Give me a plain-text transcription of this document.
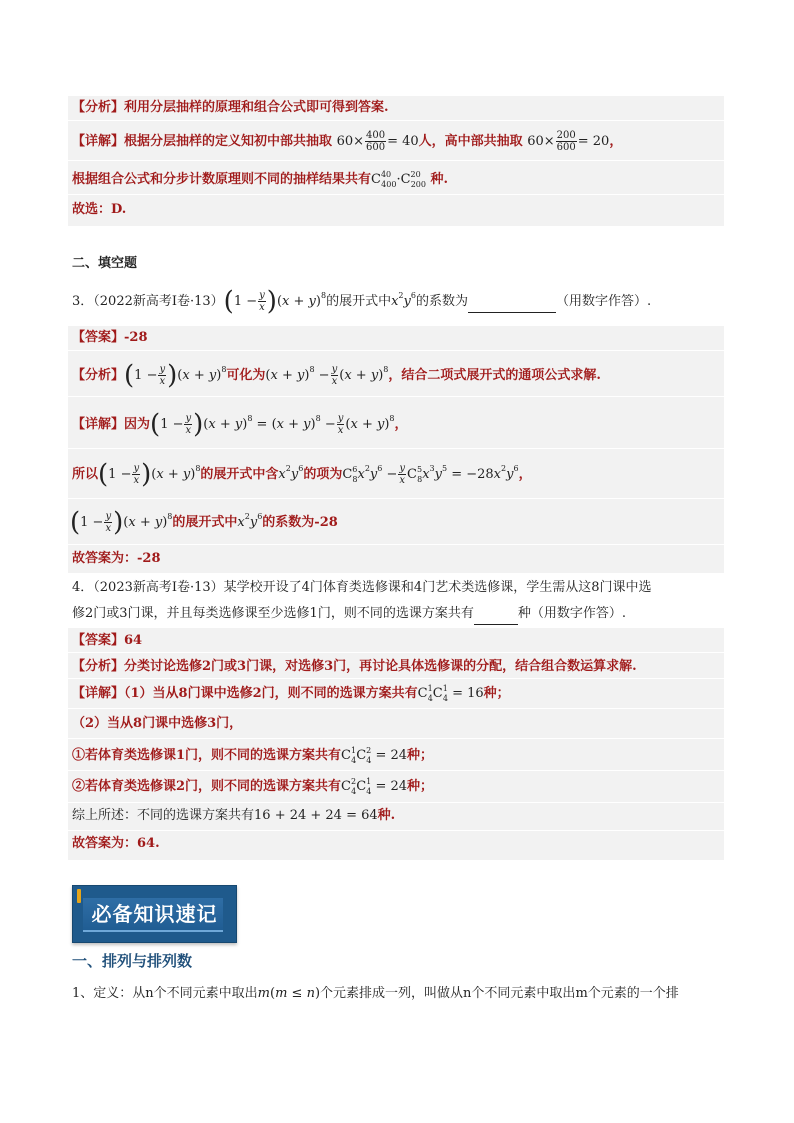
【分析】利用分层抽样的原理和组合公式即可得到答案.
【详解】根据分层抽样的定义知初中部共抽取 $60\times \frac{400}{600} = 40$人，高中部共抽取 $60\times \frac{200}{600} = 20$，
根据组合公式和分步计数原理则不同的抽样结果共有$C^{40}_{400}\cdot C^{20}_{200}$ 种.
故选：D.
二、填空题
3．（2022新高考Ⅰ卷$\cdot 13)(1 - \frac{y}{x} )(x + y)^8$的展开式中$x^2y^6$的系数为	（用数字作答）.
【答案】-28
【分析】$(1 - \frac{y}{x} )(x + y)^8$可化为$(x + y)^8 - \frac{y}{x} (x + y)^8$，结合二项式展开式的通项公式求解.
【详解】因为$(1 - \frac{y}{x} )(x + y)^8 = (x + y)^8 - \frac{y}{x} (x + y)^8$，
所以$(1 - \frac{y}{x} )(x + y)^8$的展开式中含$x^2y^6$的项为$C^6_8x^2y^6 - \frac{y}{x} C^5_8x^3y^5 = -28x^2y^6$，
$(1 - \frac{y}{x} )(x + y)^8$的展开式中$x^2y^6$的系数为-28
故答案为：-28
4．（2023新高考Ⅰ卷·13）某学校开设了4门体育类选修课和4门艺术类选修课，学生需从这8门课中选
修2门或3门课，并且每类选修课至少选修1门，则不同的选课方案共有	种（用数字作答）.
【答案】64
【分析】分类讨论选修2门或3门课，对选修3门，再讨论具体选修课的分配，结合组合数运算求解.
【详解】（1）当从8门课中选修2门，则不同的选课方案共有$C^1_4C^1_4 = 16$种；
（2）当从8门课中选修3门，
①若体育类选修课1门，则不同的选课方案共有$C^1_4C^2_4 = 24$种；
②若体育类选修课2门，则不同的选课方案共有$C^2_4C^1_4 = 24$种；
综上所述：不同的选课方案共有16 + 24 + 24 = 64种.
故答案为：64.
必备知识速记
一、排列与排列数
1、定义：从n个不同元素中取出m(m ≤ n)个元素排成一列，叫做从n个不同元素中取出m个元素的一个排
